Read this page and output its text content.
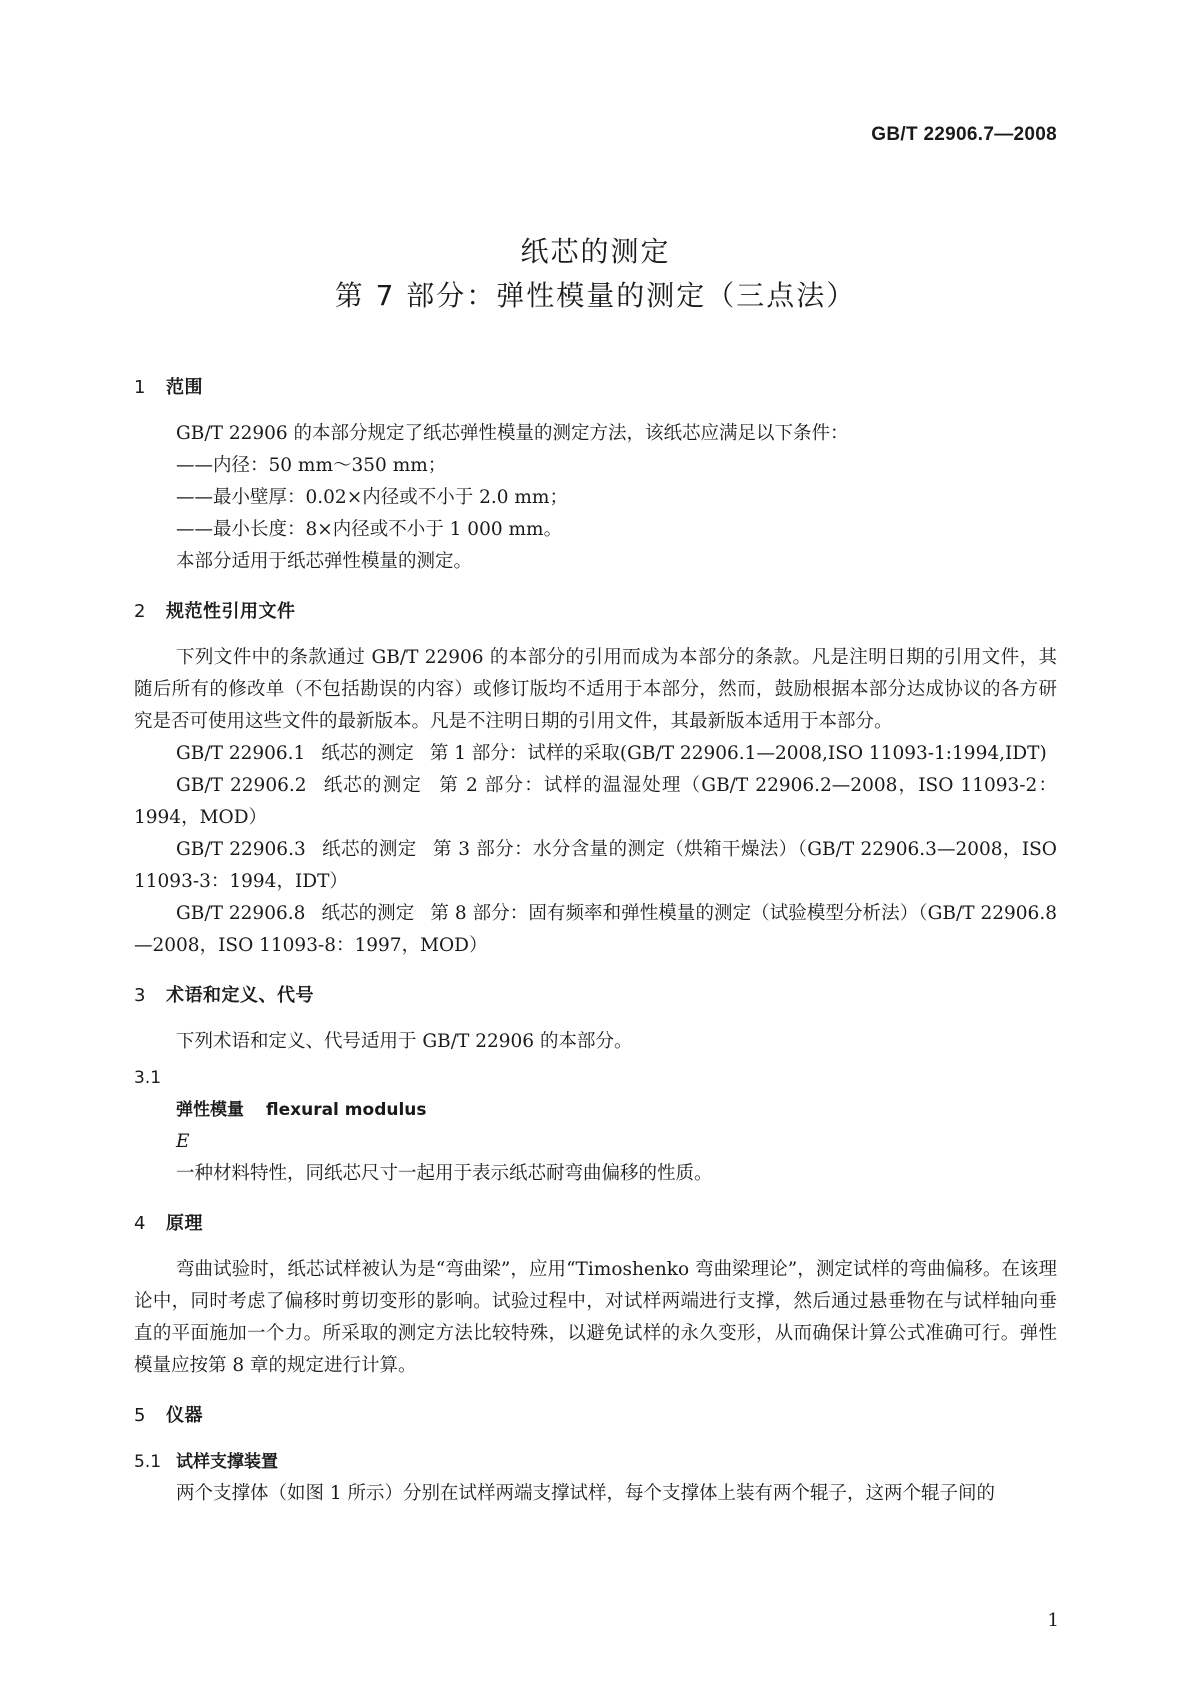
GB/T 22906.7—2008
纸芯的测定
第 7 部分：弹性模量的测定（三点法）
1 范围
GB/T 22906 的本部分规定了纸芯弹性模量的测定方法，该纸芯应满足以下条件：
——内径：50 mm～350 mm；
——最小壁厚：0.02×内径或不小于 2.0 mm；
——最小长度：8×内径或不小于 1 000 mm。
本部分适用于纸芯弹性模量的测定。
2 规范性引用文件
下列文件中的条款通过 GB/T 22906 的本部分的引用而成为本部分的条款。凡是注明日期的引用文件，其随后所有的修改单（不包括勘误的内容）或修订版均不适用于本部分，然而，鼓励根据本部分达成协议的各方研究是否可使用这些文件的最新版本。凡是不注明日期的引用文件，其最新版本适用于本部分。
GB/T 22906.1 纸芯的测定 第 1 部分：试样的采取(GB/T 22906.1—2008,ISO 11093-1:1994,IDT)
GB/T 22906.2 纸芯的测定 第 2 部分：试样的温湿处理（GB/T 22906.2—2008，ISO 11093-2：1994，MOD）
GB/T 22906.3 纸芯的测定 第 3 部分：水分含量的测定（烘箱干燥法）（GB/T 22906.3—2008，ISO 11093-3：1994，IDT）
GB/T 22906.8 纸芯的测定 第 8 部分：固有频率和弹性模量的测定（试验模型分析法）（GB/T 22906.8—2008，ISO 11093-8：1997，MOD）
3 术语和定义、代号
下列术语和定义、代号适用于 GB/T 22906 的本部分。
3.1
弹性模量 flexural modulus
E
一种材料特性，同纸芯尺寸一起用于表示纸芯耐弯曲偏移的性质。
4 原理
弯曲试验时，纸芯试样被认为是“弯曲梁”，应用“Timoshenko 弯曲梁理论”，测定试样的弯曲偏移。在该理论中，同时考虑了偏移时剪切变形的影响。试验过程中，对试样两端进行支撑，然后通过悬垂物在与试样轴向垂直的平面施加一个力。所采取的测定方法比较特殊，以避免试样的永久变形，从而确保计算公式准确可行。弹性模量应按第 8 章的规定进行计算。
5 仪器
5.1 试样支撑装置
两个支撑体（如图 1 所示）分别在试样两端支撑试样，每个支撑体上装有两个辊子，这两个辊子间的
1
